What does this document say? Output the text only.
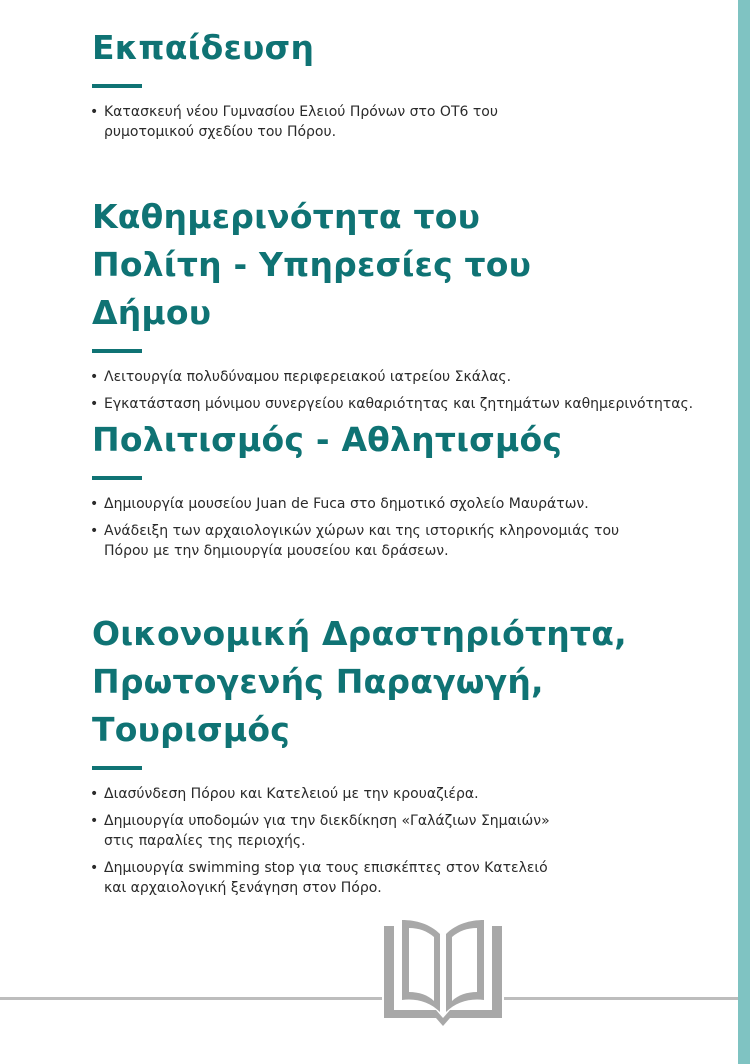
Εκπαίδευση
• Κατασκευή νέου Γυμνασίου Ελειού Πρόνων στο ΟΤ6 του ρυμοτομικού σχεδίου του Πόρου.
Καθημερινότητα του Πολίτη - Υπηρεσίες του Δήμου
• Λειτουργία πολυδύναμου περιφερειακού ιατρείου Σκάλας.
• Εγκατάσταση μόνιμου συνεργείου καθαριότητας και ζητημάτων καθημερινότητας.
Πολιτισμός - Αθλητισμός
• Δημιουργία μουσείου Juan de Fuca στο δημοτικό σχολείο Μαυράτων.
• Ανάδειξη των αρχαιολογικών χώρων και της ιστορικής κληρονομιάς του Πόρου με την δημιουργία μουσείου και δράσεων.
Οικονομική Δραστηριότητα, Πρωτογενής Παραγωγή, Τουρισμός
• Διασύνδεση Πόρου και Κατελειού με την κρουαζιέρα.
• Δημιουργία υποδομών για την διεκδίκηση «Γαλάζιων Σημαιών» στις παραλίες της περιοχής.
• Δημιουργία swimming stop για τους επισκέπτες στον Κατελειό και αρχαιολογική ξενάγηση στον Πόρο.
